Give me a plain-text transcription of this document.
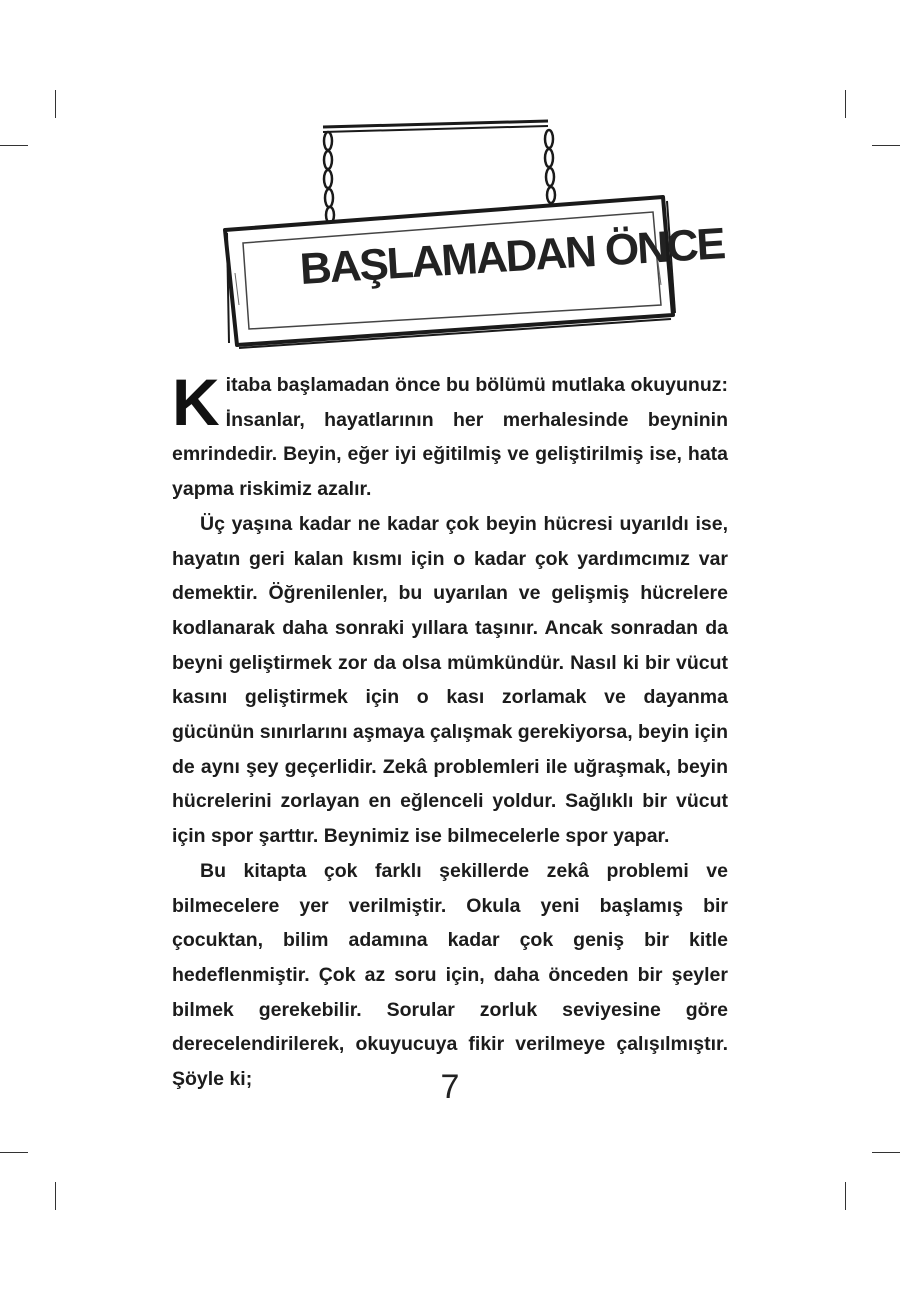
BAŞLAMADAN ÖNCE

Kitaba başlamadan önce bu bölümü mutlaka okuyunuz: İnsanlar, hayatlarının her merhalesinde beyninin emrindedir. Beyin, eğer iyi eğitilmiş ve geliştirilmiş ise, hata yapma riskimiz azalır.

Üç yaşına kadar ne kadar çok beyin hücresi uyarıldı ise, hayatın geri kalan kısmı için o kadar çok yardımcımız var demektir. Öğrenilenler, bu uyarılan ve gelişmiş hücrelere kodlanarak daha sonraki yıllara taşınır. Ancak sonradan da beyni geliştirmek zor da olsa mümkündür. Nasıl ki bir vücut kasını geliştirmek için o kası zorlamak ve dayanma gücünün sınırlarını aşmaya çalışmak gerekiyorsa, beyin için de aynı şey geçerlidir. Zekâ problemleri ile uğraşmak, beyin hücrelerini zorlayan en eğlenceli yoldur. Sağlıklı bir vücut için spor şarttır. Beynimiz ise bilmecelerle spor yapar.

Bu kitapta çok farklı şekillerde zekâ problemi ve bilmecelere yer verilmiştir. Okula yeni başlamış bir çocuktan, bilim adamına kadar çok geniş bir kitle hedeflenmiştir. Çok az soru için, daha önceden bir şeyler bilmek gerekebilir. Sorular zorluk seviyesine göre derecelendirilerek, okuyucuya fikir verilmeye çalışılmıştır. Şöyle ki;	7
